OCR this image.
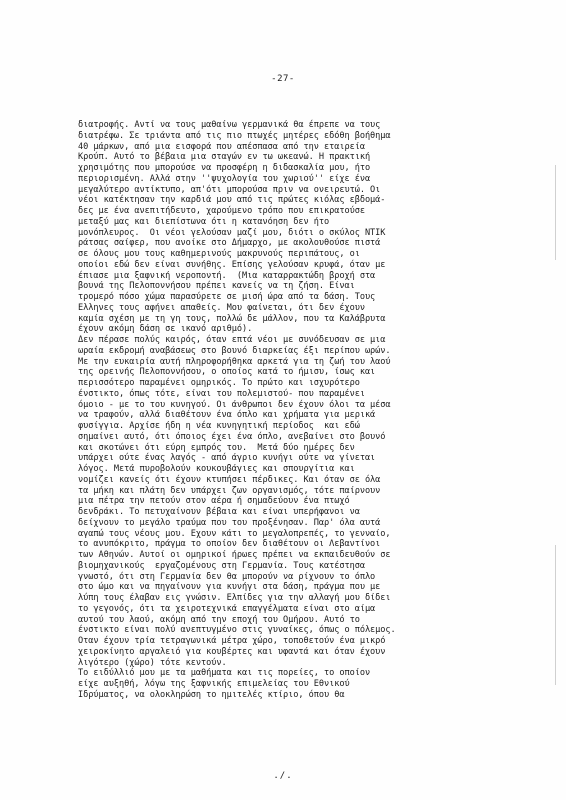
-27-
διατροφής. Αντί να τους μαθαίνω γερμανικά θα έπρεπε να τους
διατρέφω. Σε τριάντα από τις πιο πτωχές μητέρες εδόθη βοήθημα
40 μάρκων, από μια εισφορά που απέσπασα από την εταιρεία
Κρούπ. Αυτό το βέβαια μια σταγών εν τω ωκεανώ. Η πρακτική
χρησιμότης που μπορούσε να προσφέρη η διδασκαλία μου, ήτο
περιορισμένη. Αλλά στην ''ψυχολογία του χωριού'' είχε ένα
μεγαλύτερο αντίκτυπο, απ'ότι μπορούσα πριν να ονειρευτώ. Οι
νέοι κατέκτησαν την καρδιά μου από τις πρώτες κιόλας εβδομά-
δες με ένα ανεπιτήδευτο, χαρούμενο τρόπο που επικρατούσε
μεταξύ μας και διεπίστωνα ότι η κατανόηση δεν ήτο
μονόπλευρος.  Οι νέοι γελούσαν μαζί μου, διότι ο σκύλος ΝΤΙΚ
ράτσας σαίφερ, που ανοίκε στο Δήμαρχο, με ακολουθούσε πιστά
σε όλους μου τους καθημερινούς μακρυνούς περιπάτους, οι
οποίοι εδώ δεν είναι συνήθης. Επίσης γελούσαν κρυφά, όταν με
έπιασε μια ξαφνική νεροποντή.  (Μια καταρρακτώδη βροχή στα
βουνά της Πελοποννήσου πρέπει κανείς να τη ζήση. Είναι
τρομερό πόσο χώμα παρασύρετε σε μισή ώρα από τα δάση. Τους
Ελληνες τους αφήνει απαθείς. Μου φαίνεται, ότι δεν έχουν
καμία σχέση με τη γη τους, πολλώ δε μάλλον, που τα Καλάβρυτα
έχουν ακόμη δάση σε ικανό αριθμό).
Δεν πέρασε πολύς καιρός, όταν επτά νέοι με συνόδευσαν σε μια
ωραία εκδρομή αναβάσεως στο βουνό διαρκείας έξι περίπου ωρών.
Με την ευκαιρία αυτή πληροφορήθηκα αρκετά για τη ζωή του λαού
της ορεινής Πελοποννήσου, ο οποίος κατά το ήμισυ, ίσως και
περισσότερο παραμένει ομηρικός. Το πρώτο και ισχυρότερο
ένστικτο, όπως τότε, είναι του πολεμιστού- που παραμένει
όμοιο - με το του κυνηγού. Οι άνθρωποι δεν έχουν όλοι τα μέσα
να τραφούν, αλλά διαθέτουν ένα όπλο και χρήματα για μερικά
φυσίγγια. Αρχίσε ήδη η νέα κυνηγητική περίοδος  και εδώ
σημαίνει αυτό, ότι όποιος έχει ένα όπλο, ανεβαίνει στο βουνό
και σκοτώνει ότι εύρη εμπρός του.  Μετά δύο ημέρες δεν
υπάρχει ούτε ένας λαγός - από άγριο κυνήγι ούτε να γίνεται
λόγος. Μετά πυροβολούν κουκουβάγιες και σπουργίτια και
νομίζει κανείς ότι έχουν κτυπήσει πέρδικες. Και όταν σε όλα
τα μήκη και πλάτη δεν υπάρχει ζων οργανισμός, τότε παίρνουν
μια πέτρα την πετούν στον αέρα ή σημαδεύουν ένα πτωχό
δενδράκι. Το πετυχαίνουν βέβαια και είναι υπερήφανοι να
δείχνουν το μεγάλο τραύμα που του προξένησαν. Παρ' όλα αυτά
αγαπώ τους νέους μου. Εχουν κάτι το μεγαλοπρεπές, το γενναίο,
το ανυπόκριτο, πράγμα το οποίον δεν διαθέτουν οι Λεβαντίνοι
των Αθηνών. Αυτοί οι ομηρικοί ήρωες πρέπει να εκπαιδευθούν σε
βιομηχανικούς  εργαζομένους στη Γερμανία. Τους κατέστησα
γνωστό, ότι στη Γερμανία δεν θα μπορούν να ρίχνουν το όπλο
στο ώμο και να πηγαίνουν για κυνήγι στα δάση, πράγμα που με
λύπη τους έλαβαν εις γνώσιν. Ελπίδες για την αλλαγή μου δίδει
το γεγονός, ότι τα χειροτεχνικά επαγγέλματα είναι στο αίμα
αυτού του λαού, ακόμη από την εποχή του Ομήρου. Αυτό το
ένστικτο είναι πολύ ανεπτυγμένο στις γυναίκες, όπως ο πόλεμος.
Οταν έχουν τρία τετραγωνικά μέτρα χώρο, τοποθετούν ένα μικρό
χειροκίνητο αργαλειό για κουβέρτες και υφαντά και όταν έχουν
λιγότερο (χώρο) τότε κεντούν.
Το ειδύλλιό μου με τα μαθήματα και τις πορείες, το οποίον
είχε αυξηθή, λόγω της ξαφνικής επιμελείας του Εθνικού
Ιδρύματος, να ολοκληρώση το ημιτελές κτίριο, όπου θα

./.
